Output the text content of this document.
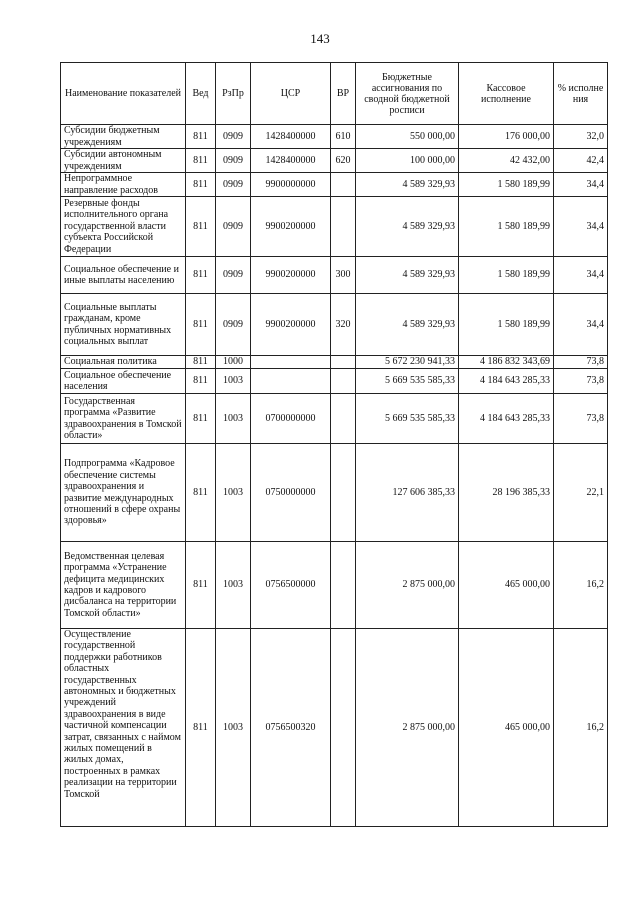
143
Наименование показателей	Вед	РзПр	ЦСР	ВР	Бюджетные ассигнования по сводной бюджетной росписи	Кассовое исполнение	% исполне ния
Субсидии бюджетным учреждениям	811	0909	1428400000	610	550 000,00	176 000,00	32,0
Субсидии автономным учреждениям	811	0909	1428400000	620	100 000,00	42 432,00	42,4
Непрограммное направление расходов	811	0909	9900000000		4 589 329,93	1 580 189,99	34,4
Резервные фонды исполнительного органа государственной власти субъекта Российской Федерации	811	0909	9900200000		4 589 329,93	1 580 189,99	34,4
Социальное обеспечение и иные выплаты населению	811	0909	9900200000	300	4 589 329,93	1 580 189,99	34,4
Социальные выплаты гражданам, кроме публичных нормативных социальных выплат	811	0909	9900200000	320	4 589 329,93	1 580 189,99	34,4
Социальная политика	811	1000			5 672 230 941,33	4 186 832 343,69	73,8
Социальное обеспечение населения	811	1003			5 669 535 585,33	4 184 643 285,33	73,8
Государственная программа «Развитие здравоохранения в Томской области»	811	1003	0700000000		5 669 535 585,33	4 184 643 285,33	73,8
Подпрограмма «Кадровое обеспечение системы здравоохранения и развитие международных отношений в сфере охраны здоровья»	811	1003	0750000000		127 606 385,33	28 196 385,33	22,1
Ведомственная целевая программа «Устранение дефицита медицинских кадров и кадрового дисбаланса на территории Томской области»	811	1003	0756500000		2 875 000,00	465 000,00	16,2
Осуществление государственной поддержки работников областных государственных автономных и бюджетных учреждений здравоохранения в виде частичной компенсации затрат, связанных с наймом жилых помещений в жилых домах, построенных в рамках реализации на территории Томской	811	1003	0756500320		2 875 000,00	465 000,00	16,2
